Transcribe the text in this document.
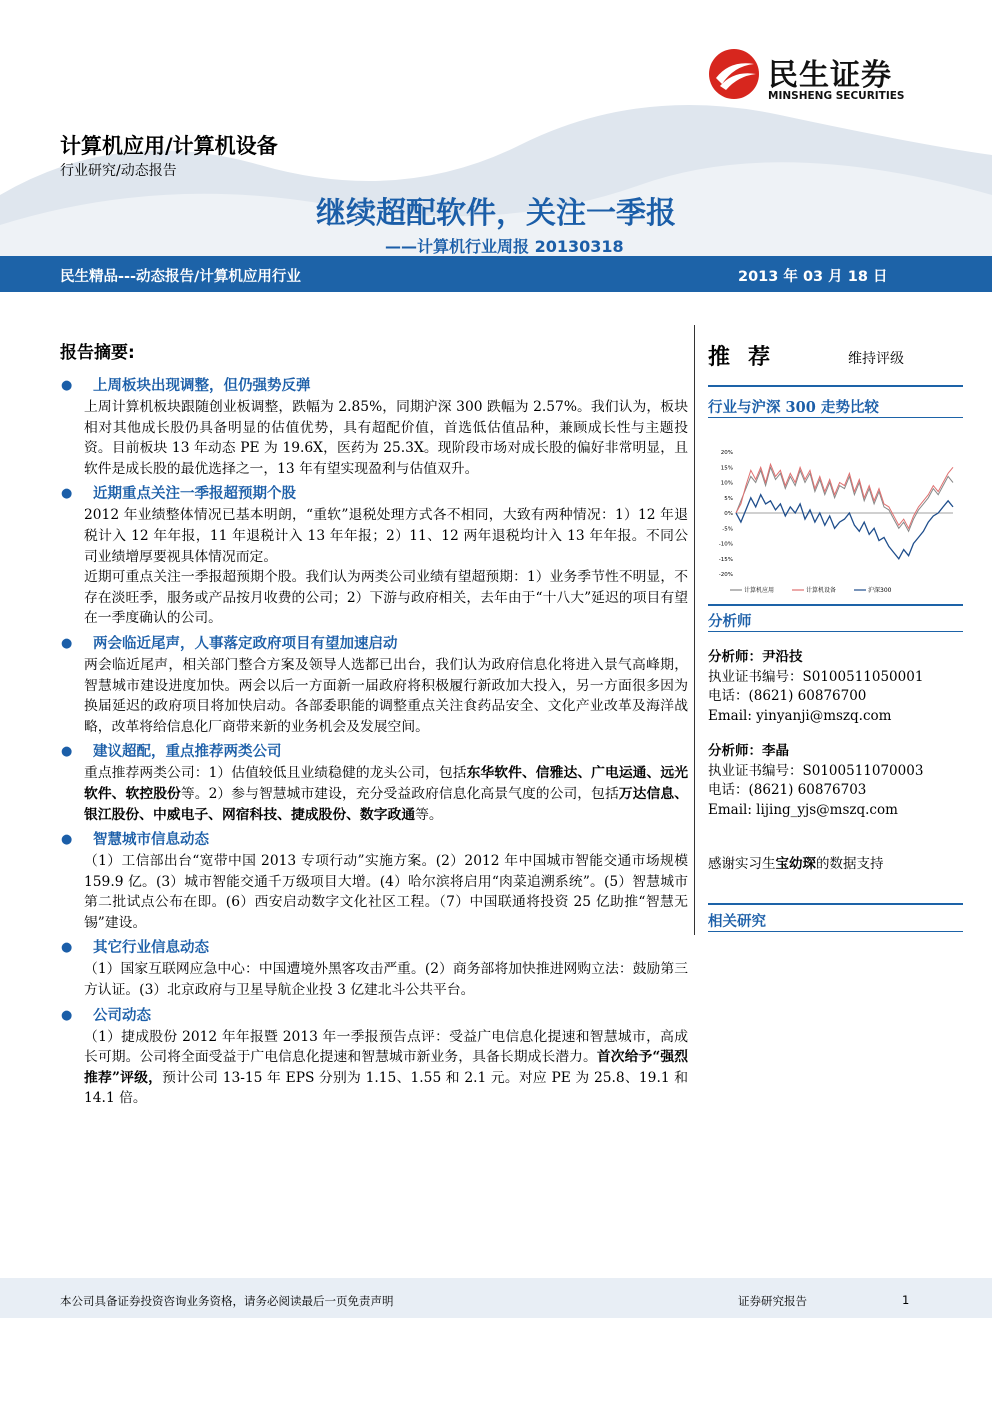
民生证券
MINSHENG SECURITIES
计算机应用/计算机设备
行业研究/动态报告
继续超配软件，关注一季报
——计算机行业周报 20130318
民生精品---动态报告/计算机应用行业	2013 年 03 月 18 日
报告摘要:
● 上周板块出现调整，但仍强势反弹
上周计算机板块跟随创业板调整，跌幅为 2.85%，同期沪深 300 跌幅为 2.57%。我们认为，板块相对其他成长股仍具备明显的估值优势，具有超配价值，首选低估值品种，兼顾成长性与主题投资。目前板块 13 年动态 PE 为 19.6X，医药为 25.3X。现阶段市场对成长股的偏好非常明显，且软件是成长股的最优选择之一，13 年有望实现盈利与估值双升。
● 近期重点关注一季报超预期个股
2012 年业绩整体情况已基本明朗，“重软”退税处理方式各不相同，大致有两种情况：1）12 年退税计入 12 年年报，11 年退税计入 13 年年报；2）11、12 两年退税均计入 13 年年报。不同公司业绩增厚要视具体情况而定。
近期可重点关注一季报超预期个股。我们认为两类公司业绩有望超预期：1）业务季节性不明显，不存在淡旺季，服务或产品按月收费的公司；2）下游与政府相关，去年由于“十八大”延迟的项目有望在一季度确认的公司。
● 两会临近尾声，人事落定政府项目有望加速启动
两会临近尾声，相关部门整合方案及领导人选都已出台，我们认为政府信息化将进入景气高峰期，智慧城市建设进度加快。两会以后一方面新一届政府将积极履行新政加大投入，另一方面很多因为换届延迟的政府项目将加快启动。各部委职能的调整重点关注食药品安全、文化产业改革及海洋战略，改革将给信息化厂商带来新的业务机会及发展空间。
● 建议超配，重点推荐两类公司
重点推荐两类公司：1）估值较低且业绩稳健的龙头公司，包括东华软件、信雅达、广电运通、远光软件、软控股份等。2）参与智慧城市建设，充分受益政府信息化高景气度的公司，包括万达信息、银江股份、中威电子、网宿科技、捷成股份、数字政通等。
● 智慧城市信息动态
（1）工信部出台“宽带中国 2013 专项行动”实施方案。(2）2012 年中国城市智能交通市场规模 159.9 亿。(3）城市智能交通千万级项目大增。(4）哈尔滨将启用“肉菜追溯系统”。(5）智慧城市第二批试点公布在即。(6）西安启动数字文化社区工程。（7）中国联通将投资 25 亿助推“智慧无锡”建设。
● 其它行业信息动态
（1）国家互联网应急中心：中国遭境外黑客攻击严重。(2）商务部将加快推进网购立法：鼓励第三方认证。(3）北京政府与卫星导航企业投 3 亿建北斗公共平台。
● 公司动态
（1）捷成股份 2012 年年报暨 2013 年一季报预告点评：受益广电信息化提速和智慧城市，高成长可期。公司将全面受益于广电信息化提速和智慧城市新业务，具备长期成长潜力。首次给予“强烈推荐”评级，预计公司 13-15 年 EPS 分别为 1.15、1.55 和 2.1 元。对应 PE 为 25.8、19.1 和 14.1 倍。
推荐	维持评级
行业与沪深 300 走势比较
20%
15%
10%
5%
0%
-5%
-10%
-15%
-20%
计算机应用	计算机设备	沪深300
分析师
分析师：尹沿技
执业证书编号：S0100511050001
电话：(8621) 60876700
Email: yinyanji@mszq.com
分析师：李晶
执业证书编号：S0100511070003
电话：(8621) 60876703
Email: lijing_yjs@mszq.com
感谢实习生宝幼琛的数据支持
相关研究
本公司具备证券投资咨询业务资格，请务必阅读最后一页免责声明	证券研究报告	1
